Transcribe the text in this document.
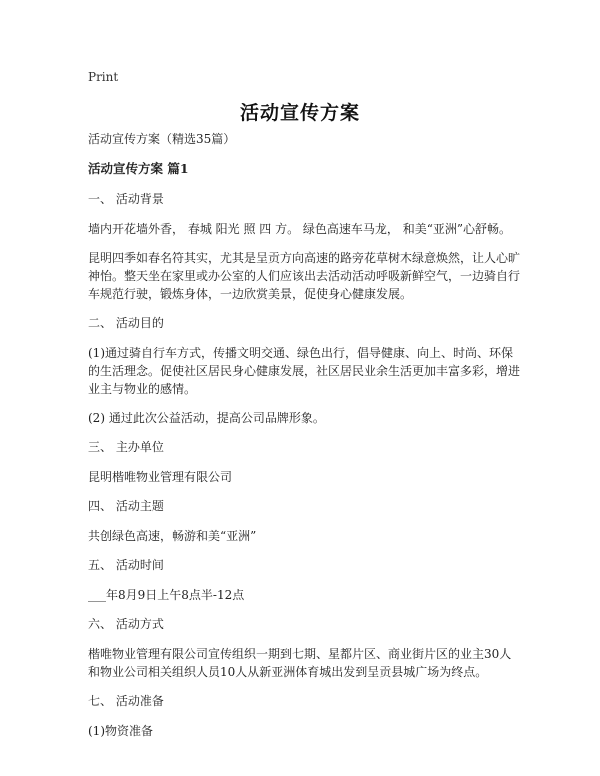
Print
活动宣传方案
活动宣传方案（精选35篇）
活动宣传方案 篇1
一、 活动背景
墙内开花墙外香， 春城 阳光 照 四 方。 绿色高速车马龙， 和美“亚洲”心舒畅。
昆明四季如春名符其实，尤其是呈贡方向高速的路旁花草树木绿意焕然，让人心旷神怡。整天坐在家里或办公室的人们应该出去活动活动呼吸新鲜空气，一边骑自行车规范行驶，锻炼身体，一边欣赏美景，促使身心健康发展。
二、 活动目的
(1)通过骑自行车方式，传播文明交通、绿色出行，倡导健康、向上、时尚、环保的生活理念。促使社区居民身心健康发展，社区居民业余生活更加丰富多彩，增进业主与物业的感情。
(2) 通过此次公益活动，提高公司品牌形象。
三、 主办单位
昆明楷唯物业管理有限公司
四、 活动主题
共创绿色高速，畅游和美“亚洲”
五、 活动时间
___年8月9日上午8点半-12点
六、 活动方式
楷唯物业管理有限公司宣传组织一期到七期、星都片区、商业街片区的业主30人和物业公司相关组织人员10人从新亚洲体育城出发到呈贡县城广场为终点。
七、 活动准备
(1)物资准备
